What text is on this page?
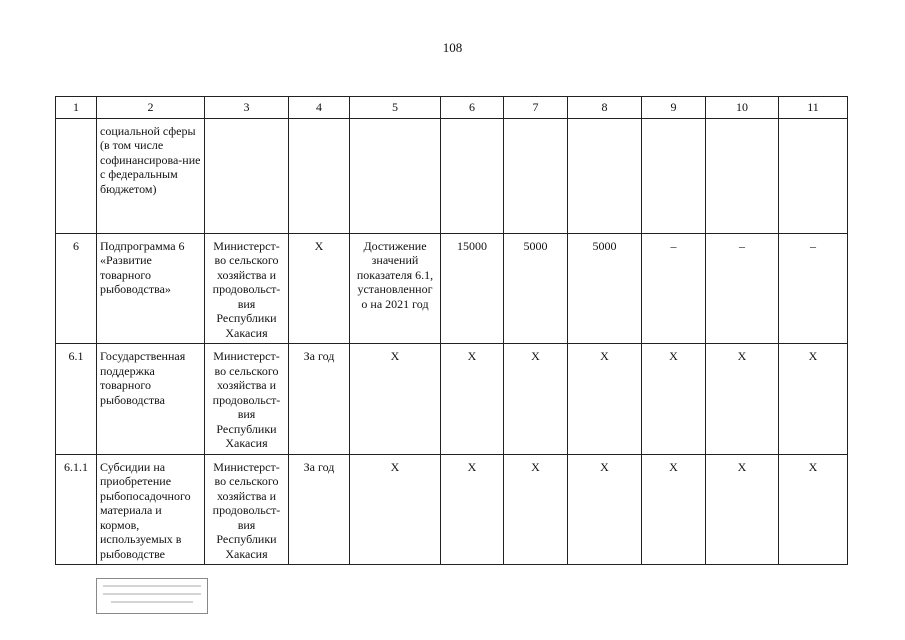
108
1	2	3	4	5	6	7	8	9	10	11
	социальной сферы (в том числе софинансирова-ние с федеральным бюджетом)									
6	Подпрограмма 6 «Развитие товарного рыбоводства»	Министерст-во сельского хозяйства и продовольст-вия Республики Хакасия	X	Достижение значений показателя 6.1, установленног о на 2021 год	15000	5000	5000	–	–	–
6.1	Государственная поддержка товарного рыбоводства	Министерст-во сельского хозяйства и продовольст-вия Республики Хакасия	За год	X	X	X	X	X	X	X
6.1.1	Субсидии на приобретение рыбопосадочного материала и кормов, используемых в рыбоводстве	Министерст-во сельского хозяйства и продовольст-вия Республики Хакасия	За год	X	X	X	X	X	X	X
